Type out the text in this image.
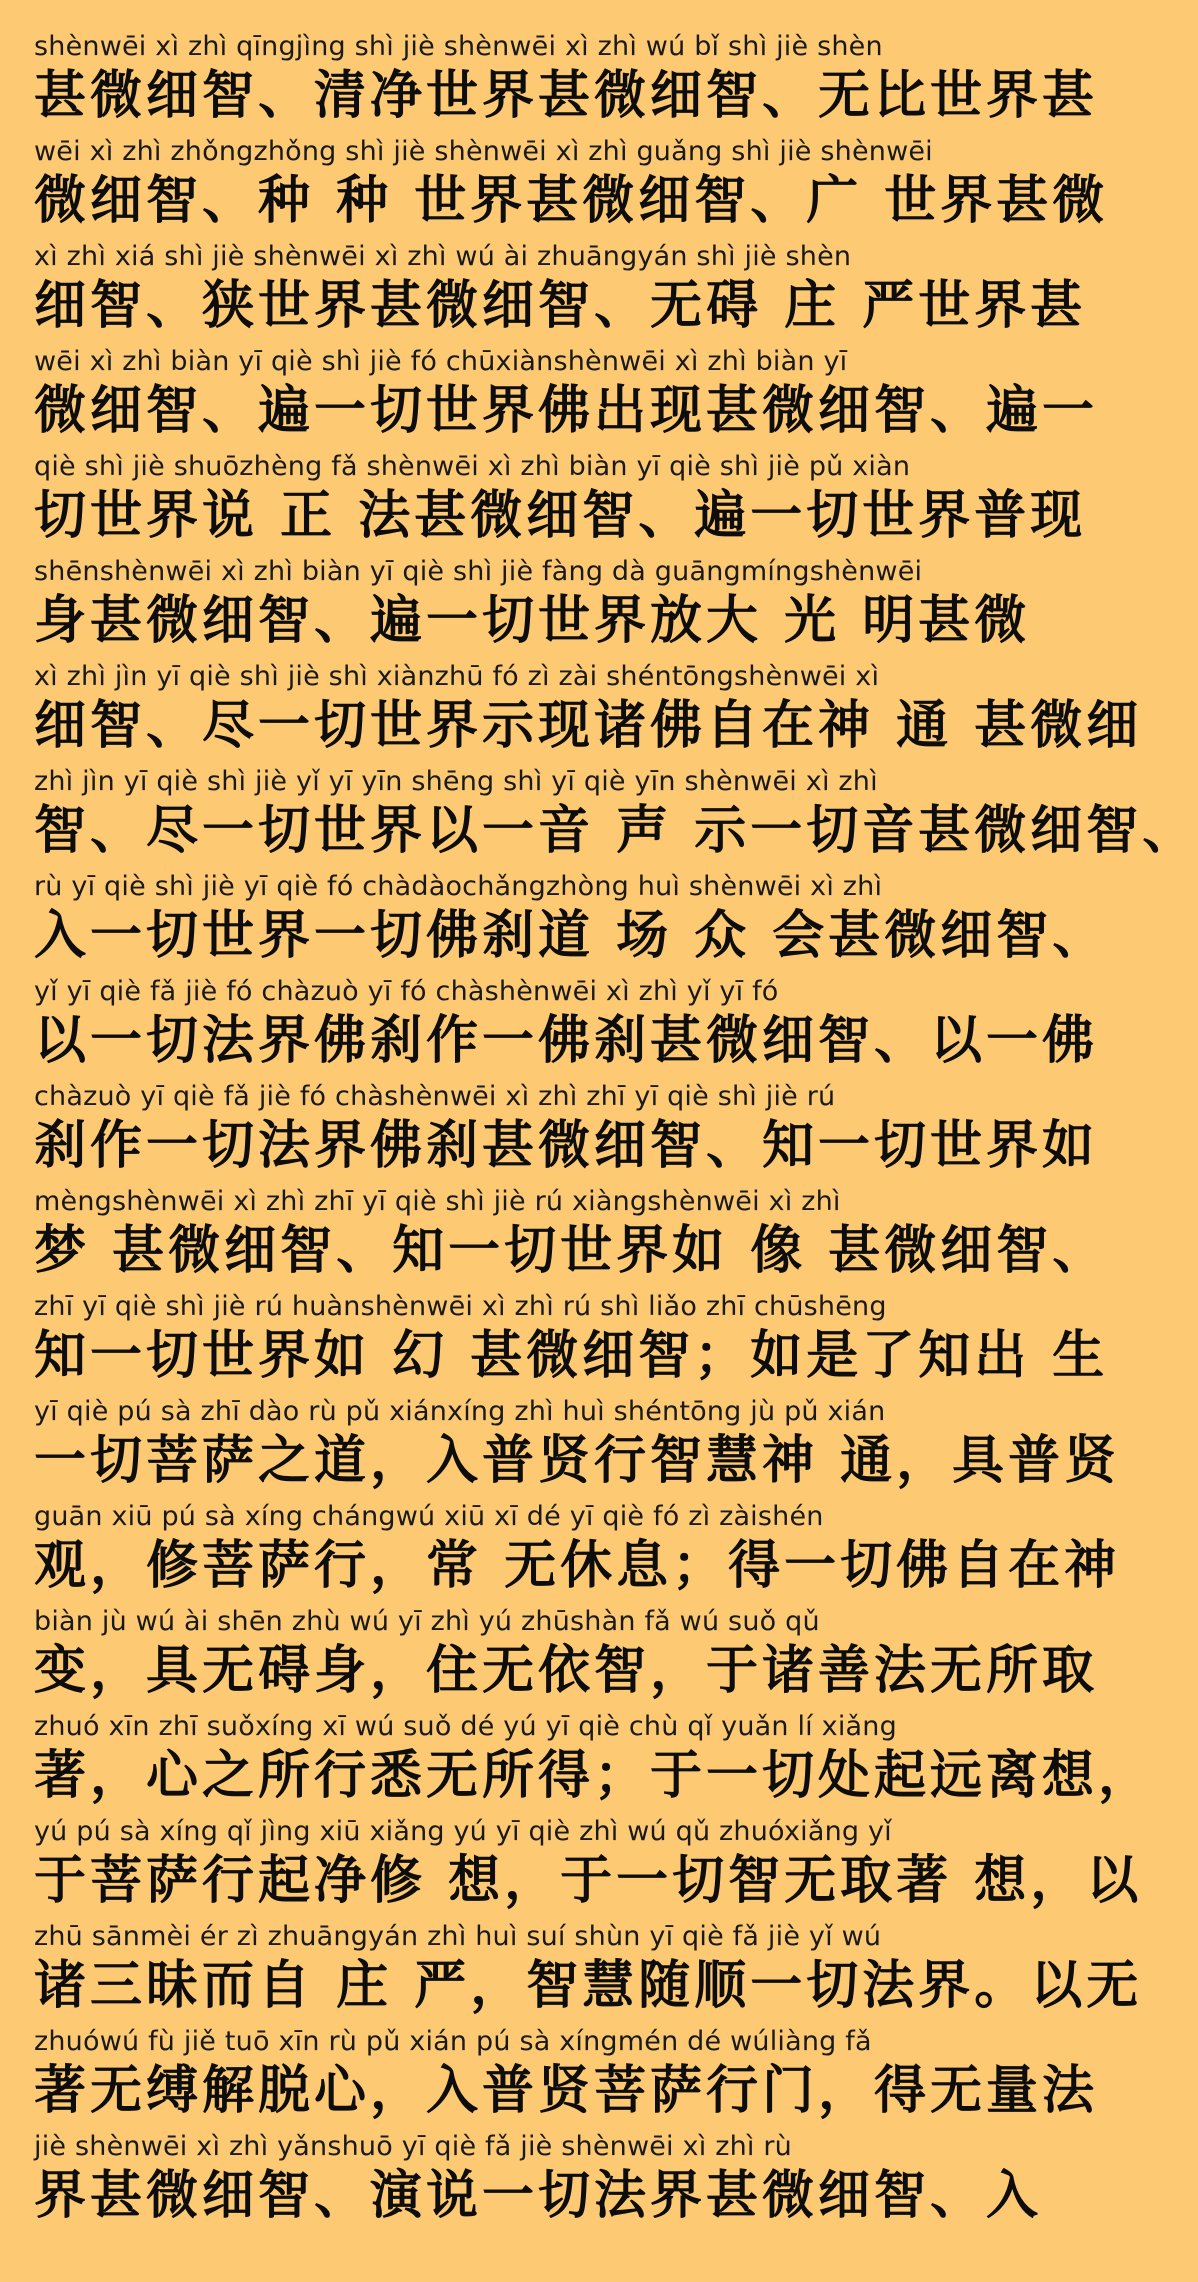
shènwēi xì zhì qīngjìng shì jiè shènwēi xì zhì wú bǐ shì jiè shèn
甚微细智、清净世界甚微细智、无比世界甚
wēi xì zhì zhǒngzhǒng shì jiè shènwēi xì zhì guǎng shì jiè shènwēi
微细智、种 种 世界甚微细智、广 世界甚微
xì zhì xiá shì jiè shènwēi xì zhì wú ài zhuāngyán shì jiè shèn
细智、狭世界甚微细智、无碍 庄 严世界甚
wēi xì zhì biàn yī qiè shì jiè fó chūxiànshènwēi xì zhì biàn yī
微细智、遍一切世界佛出现甚微细智、遍一
qiè shì jiè shuōzhèng fǎ shènwēi xì zhì biàn yī qiè shì jiè pǔ xiàn
切世界说 正 法甚微细智、遍一切世界普现
shēnshènwēi xì zhì biàn yī qiè shì jiè fàng dà guāngmíngshènwēi
身甚微细智、遍一切世界放大 光 明甚微
xì zhì jìn yī qiè shì jiè shì xiànzhū fó zì zài shéntōngshènwēi xì
细智、尽一切世界示现诸佛自在神 通 甚微细
zhì jìn yī qiè shì jiè yǐ yī yīn shēng shì yī qiè yīn shènwēi xì zhì
智、尽一切世界以一音 声 示一切音甚微细智、
rù yī qiè shì jiè yī qiè fó chàdàochǎngzhòng huì shènwēi xì zhì
入一切世界一切佛刹道 场 众 会甚微细智、
yǐ yī qiè fǎ jiè fó chàzuò yī fó chàshènwēi xì zhì yǐ yī fó
以一切法界佛刹作一佛刹甚微细智、以一佛
chàzuò yī qiè fǎ jiè fó chàshènwēi xì zhì zhī yī qiè shì jiè rú
刹作一切法界佛刹甚微细智、知一切世界如
mèngshènwēi xì zhì zhī yī qiè shì jiè rú xiàngshènwēi xì zhì
梦 甚微细智、知一切世界如 像 甚微细智、
zhī yī qiè shì jiè rú huànshènwēi xì zhì rú shì liǎo zhī chūshēng
知一切世界如 幻 甚微细智；如是了知出 生
yī qiè pú sà zhī dào rù pǔ xiánxíng zhì huì shéntōng jù pǔ xián
一切菩萨之道，入普贤行智慧神 通，具普贤
guān xiū pú sà xíng chángwú xiū xī dé yī qiè fó zì zàishén
观，修菩萨行，常 无休息；得一切佛自在神
biàn jù wú ài shēn zhù wú yī zhì yú zhūshàn fǎ wú suǒ qǔ
变，具无碍身，住无依智，于诸善法无所取
zhuó xīn zhī suǒxíng xī wú suǒ dé yú yī qiè chù qǐ yuǎn lí xiǎng
著，心之所行悉无所得；于一切处起远离想，
yú pú sà xíng qǐ jìng xiū xiǎng yú yī qiè zhì wú qǔ zhuóxiǎng yǐ
于菩萨行起净修 想，于一切智无取著 想，以
zhū sānmèi ér zì zhuāngyán zhì huì suí shùn yī qiè fǎ jiè yǐ wú
诸三昧而自 庄 严，智慧随顺一切法界。以无
zhuówú fù jiě tuō xīn rù pǔ xián pú sà xíngmén dé wúliàng fǎ
著无缚解脱心，入普贤菩萨行门，得无量法
jiè shènwēi xì zhì yǎnshuō yī qiè fǎ jiè shènwēi xì zhì rù
界甚微细智、演说一切法界甚微细智、入
